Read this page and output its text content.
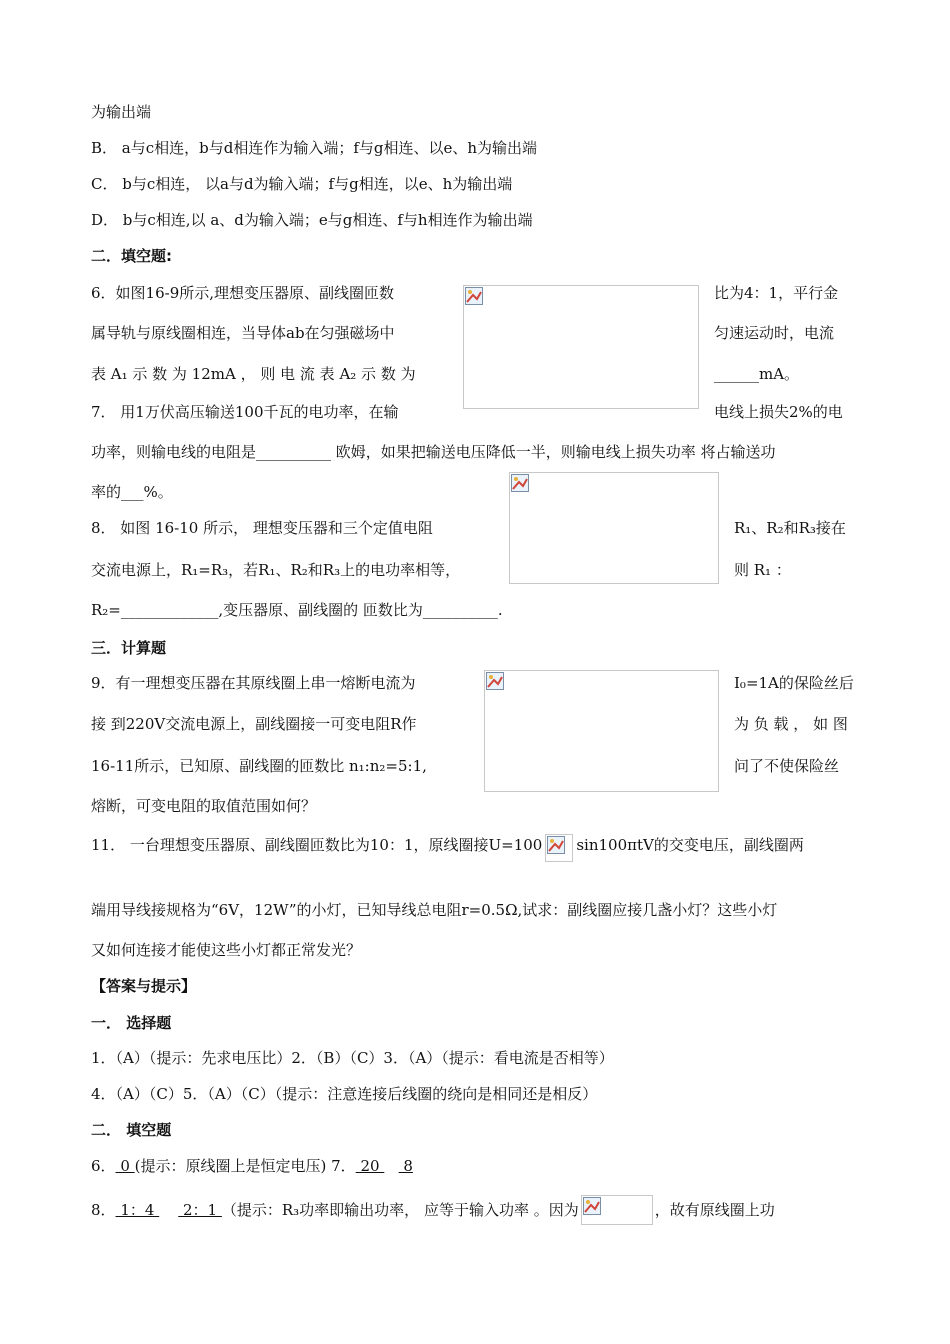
为输出端
B． a与c相连，b与d相连作为输入端；f与g相连、以e、h为输出端
C． b与c相连， 以a与d为输入端；f与g相连，以e、h为输出端
D． b与c相连,以 a、d为输入端；e与g相连、f与h相连作为输出端
二．填空题:
6．如图16-9所示,理想变压器原、副线圈匝数	比为4：1，平行金
属导轨与原线圈相连，当导体ab在匀强磁场中	匀速运动时，电流
表 A₁ 示 数 为 12mA ， 则 电 流 表 A₂ 示 数 为	______mA。
7． 用1万伏高压输送100千瓦的电功率，在输	电线上损失2%的电
功率，则输电线的电阻是__________ 欧姆，如果把输送电压降低一半，则输电线上损失功率 将占输送功
率的___%。
8． 如图 16-10 所示， 理想变压器和三个定值电阻	R₁、R₂和R₃接在
交流电源上，R₁=R₃，若R₁、R₂和R₃上的电功率相等，	则 R₁ ：
R₂=_____________,变压器原、副线圈的 匝数比为__________.
三．计算题
9．有一理想变压器在其原线圈上串一熔断电流为	I₀=1A的保险丝后
接 到220V交流电源上，副线圈接一可变电阻R作	为 负 载 ， 如 图
16-11所示，已知原、副线圈的匝数比 n₁:n₂=5:1,	问了不使保险丝
熔断，可变电阻的取值范围如何？
11． 一台理想变压器原、副线圈匝数比为10：1，原线圈接U=100 sin100πtV的交变电压，副线圈两
端用导线接规格为“6V，12W”的小灯，已知导线总电阻r=0.5Ω,试求：副线圈应接几盏小灯？这些小灯
又如何连接才能使这些小灯都正常发光？
【答案与提示】
一． 选择题
1．（A）（提示：先求电压比）2．（B）（C）3．（A）（提示：看电流是否相等）
4．（A）（C）5．（A）（C）（提示：注意连接后线圈的绕向是相同还是相反）
二． 填空题
6． 0 (提示：原线圈上是恒定电压) 7． 20     8
8． 1：4      2：1 （提示：R₃功率即输出功率， 应等于输入功率 。因为	，故有原线圈上功
